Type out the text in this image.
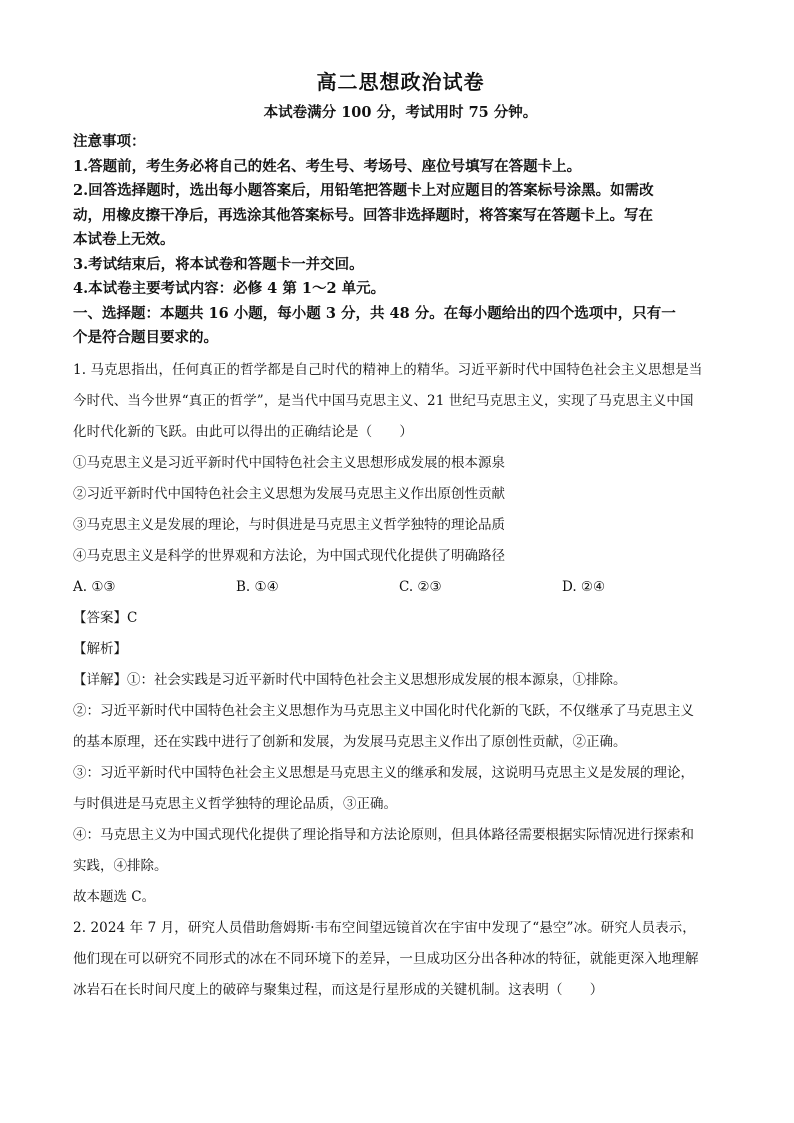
高二思想政治试卷
本试卷满分 100 分，考试用时 75 分钟。

注意事项：

1.答题前，考生务必将自己的姓名、考生号、考场号、座位号填写在答题卡上。

2.回答选择题时，选出每小题答案后，用铅笔把答题卡上对应题目的答案标号涂黑。如需改

动，用橡皮擦干净后，再选涂其他答案标号。回答非选择题时，将答案写在答题卡上。写在

本试卷上无效。

3.考试结束后，将本试卷和答题卡一并交回。

4.本试卷主要考试内容：必修 4 第 1～2 单元。

一、选择题：本题共 16 小题，每小题 3 分，共 48 分。在每小题给出的四个选项中，只有一

个是符合题目要求的。

1. 马克思指出，任何真正的哲学都是自己时代的精神上的精华。习近平新时代中国特色社会主义思想是当

今时代、当今世界“真正的哲学”，是当代中国马克思主义、21 世纪马克思主义，实现了马克思主义中国

化时代化新的飞跃。由此可以得出的正确结论是（　　）

①马克思主义是习近平新时代中国特色社会主义思想形成发展的根本源泉

②习近平新时代中国特色社会主义思想为发展马克思主义作出原创性贡献

③马克思主义是发展的理论，与时俱进是马克思主义哲学独特的理论品质

④马克思主义是科学的世界观和方法论，为中国式现代化提供了明确路径

A. ①③	B. ①④	C. ②③	D. ②④

【答案】C

【解析】

【详解】①：社会实践是习近平新时代中国特色社会主义思想形成发展的根本源泉，①排除。

②：习近平新时代中国特色社会主义思想作为马克思主义中国化时代化新的飞跃，不仅继承了马克思主义

的基本原理，还在实践中进行了创新和发展，为发展马克思主义作出了原创性贡献，②正确。

③：习近平新时代中国特色社会主义思想是马克思主义的继承和发展，这说明马克思主义是发展的理论，

与时俱进是马克思主义哲学独特的理论品质，③正确。

④：马克思主义为中国式现代化提供了理论指导和方法论原则，但具体路径需要根据实际情况进行探索和

实践，④排除。

故本题选 C。

2. 2024 年 7 月，研究人员借助詹姆斯·韦布空间望远镜首次在宇宙中发现了“悬空”冰。研究人员表示，

他们现在可以研究不同形式的冰在不同环境下的差异，一旦成功区分出各种冰的特征，就能更深入地理解

冰岩石在长时间尺度上的破碎与聚集过程，而这是行星形成的关键机制。这表明（　　）
